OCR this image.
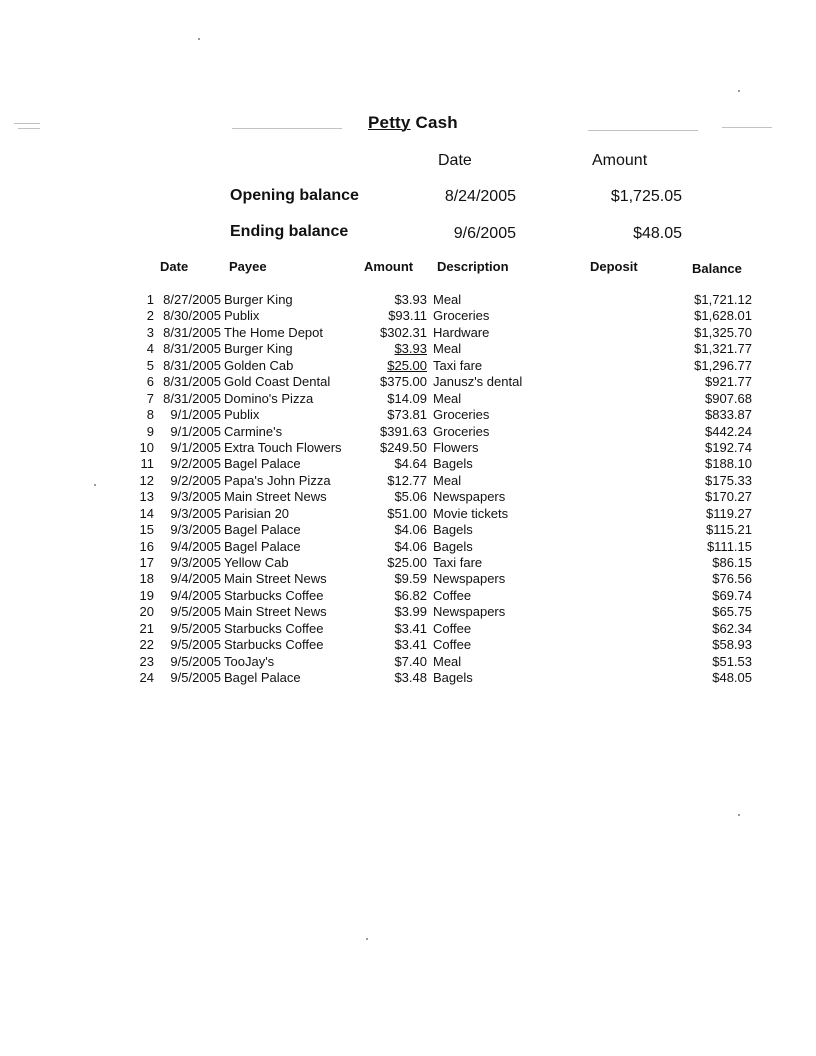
Petty Cash
Date	Amount
Opening balance	8/24/2005	$1,725.05
Ending balance	9/6/2005	$48.05
Date	Payee	Amount Description	Deposit	Balance
1 8/27/2005 Burger King	$3.93 Meal	$1,721.12
2 8/30/2005 Publix	$93.11 Groceries	$1,628.01
3 8/31/2005 The Home Depot	$302.31 Hardware	$1,325.70
4 8/31/2005 Burger King	$3.93 Meal	$1,321.77
5 8/31/2005 Golden Cab	$25.00 Taxi fare	$1,296.77
6 8/31/2005 Gold Coast Dental	$375.00 Janusz's dental	$921.77
7 8/31/2005 Domino's Pizza	$14.09 Meal	$907.68
8 9/1/2005 Publix	$73.81 Groceries	$833.87
9 9/1/2005 Carmine's	$391.63 Groceries	$442.24
10 9/1/2005 Extra Touch Flowers	$249.50 Flowers	$192.74
11 9/2/2005 Bagel Palace	$4.64 Bagels	$188.10
12 9/2/2005 Papa's John Pizza	$12.77 Meal	$175.33
13 9/3/2005 Main Street News	$5.06 Newspapers	$170.27
14 9/3/2005 Parisian 20	$51.00 Movie tickets	$119.27
15 9/3/2005 Bagel Palace	$4.06 Bagels	$115.21
16 9/4/2005 Bagel Palace	$4.06 Bagels	$111.15
17 9/3/2005 Yellow Cab	$25.00 Taxi fare	$86.15
18 9/4/2005 Main Street News	$9.59 Newspapers	$76.56
19 9/4/2005 Starbucks Coffee	$6.82 Coffee	$69.74
20 9/5/2005 Main Street News	$3.99 Newspapers	$65.75
21 9/5/2005 Starbucks Coffee	$3.41 Coffee	$62.34
22 9/5/2005 Starbucks Coffee	$3.41 Coffee	$58.93
23 9/5/2005 TooJay's	$7.40 Meal	$51.53
24 9/5/2005 Bagel Palace	$3.48 Bagels	$48.05
